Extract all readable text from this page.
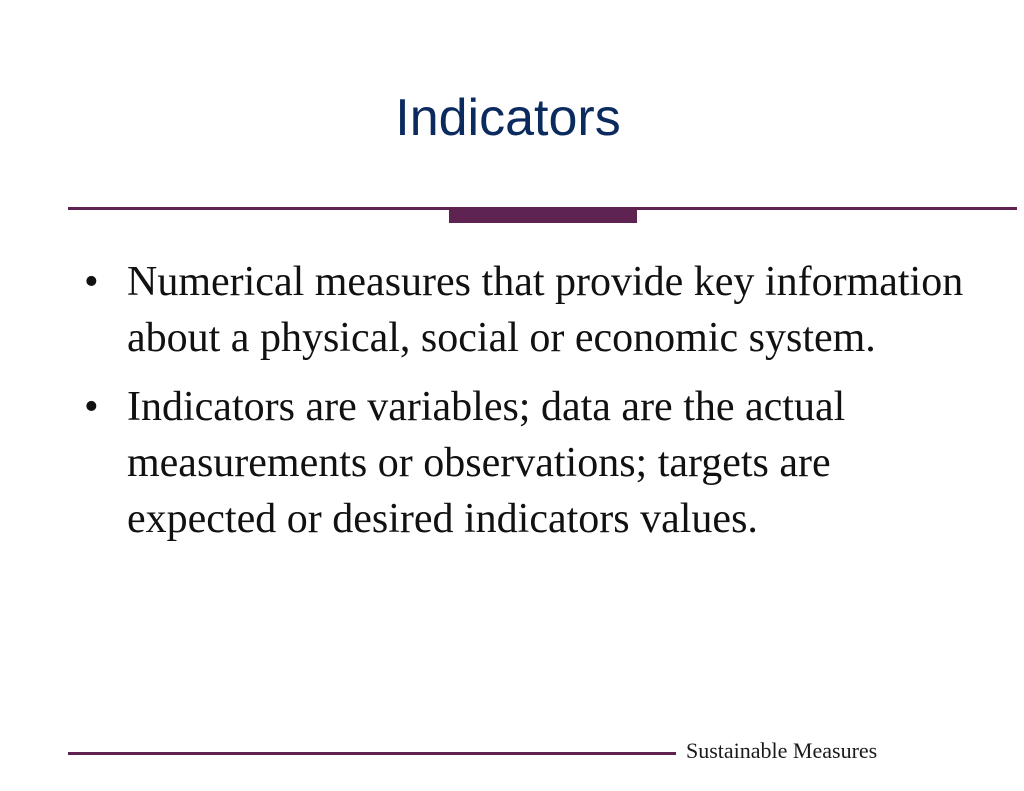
Indicators
• Numerical measures that provide key information about a physical, social or economic system.
• Indicators are variables; data are the actual measurements or observations; targets are expected or desired indicators values.
Sustainable Measures
